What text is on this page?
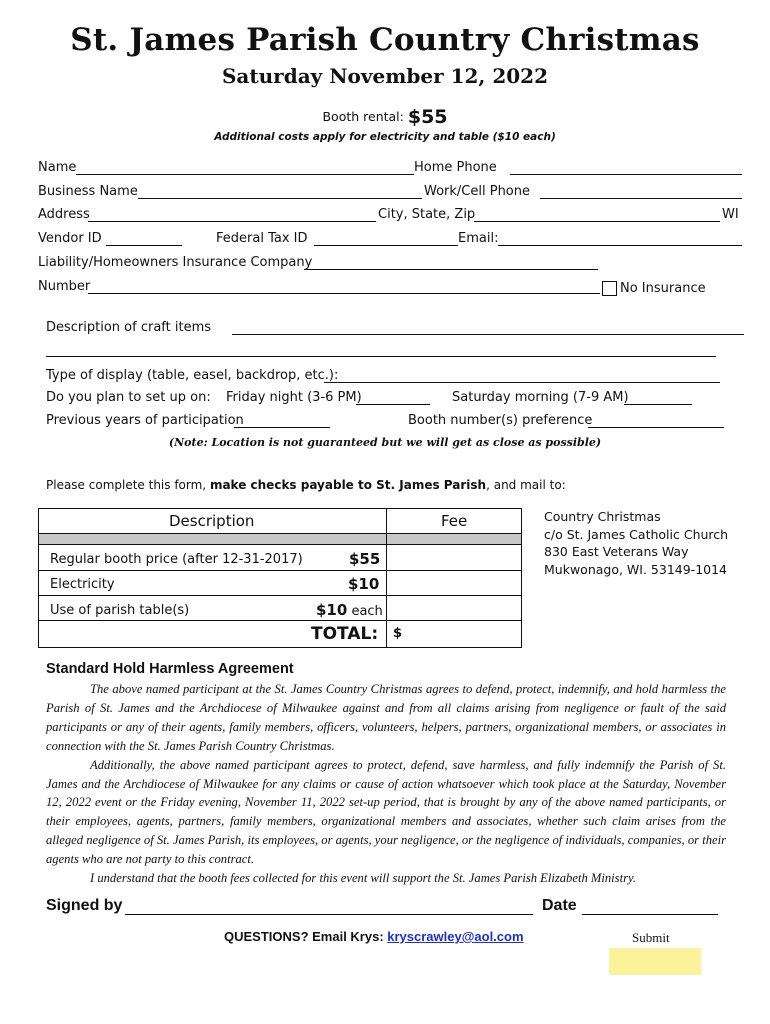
St. James Parish Country Christmas
Saturday November 12, 2022
Booth rental: $55
Additional costs apply for electricity and table ($10 each)
Name	Home Phone
Business Name	Work/Cell Phone
Address	City, State, Zip	WI
Vendor ID	Federal Tax ID	Email:
Liability/Homeowners Insurance Company
Number	No Insurance
Description of craft items
Type of display (table, easel, backdrop, etc.):
Do you plan to set up on: Friday night (3-6 PM)	Saturday morning (7-9 AM)
Previous years of participation	Booth number(s) preference
(Note: Location is not guaranteed but we will get as close as possible)
Please complete this form, make checks payable to St. James Parish, and mail to:
Description	Fee
Regular booth price (after 12-31-2017)	$55
Electricity	$10
Use of parish table(s)	$10 each
TOTAL: $
Country Christmas
c/o St. James Catholic Church
830 East Veterans Way
Mukwonago, WI. 53149-1014
Standard Hold Harmless Agreement

The above named participant at the St. James Country Christmas agrees to defend, protect, indemnify, and hold harmless the Parish of St. James and the Archdiocese of Milwaukee against and from all claims arising from negligence or fault of the said participants or any of their agents, family members, officers, volunteers, helpers, partners, organizational members, or associates in connection with the St. James Parish Country Christmas.

Additionally, the above named participant agrees to protect, defend, save harmless, and fully indemnify the Parish of St. James and the Archdiocese of Milwaukee for any claims or cause of action whatsoever which took place at the Saturday, November 12, 2022 event or the Friday evening, November 11, 2022 set-up period, that is brought by any of the above named participants, or their employees, agents, partners, family members, organizational members and associates, whether such claim arises from the alleged negligence of St. James Parish, its employees, or agents, your negligence, or the negligence of individuals, companies, or their agents who are not party to this contract.

I understand that the booth fees collected for this event will support the St. James Parish Elizabeth Ministry.

Signed by	Date
QUESTIONS? Email Krys: kryscrawley@aol.com	Submit
